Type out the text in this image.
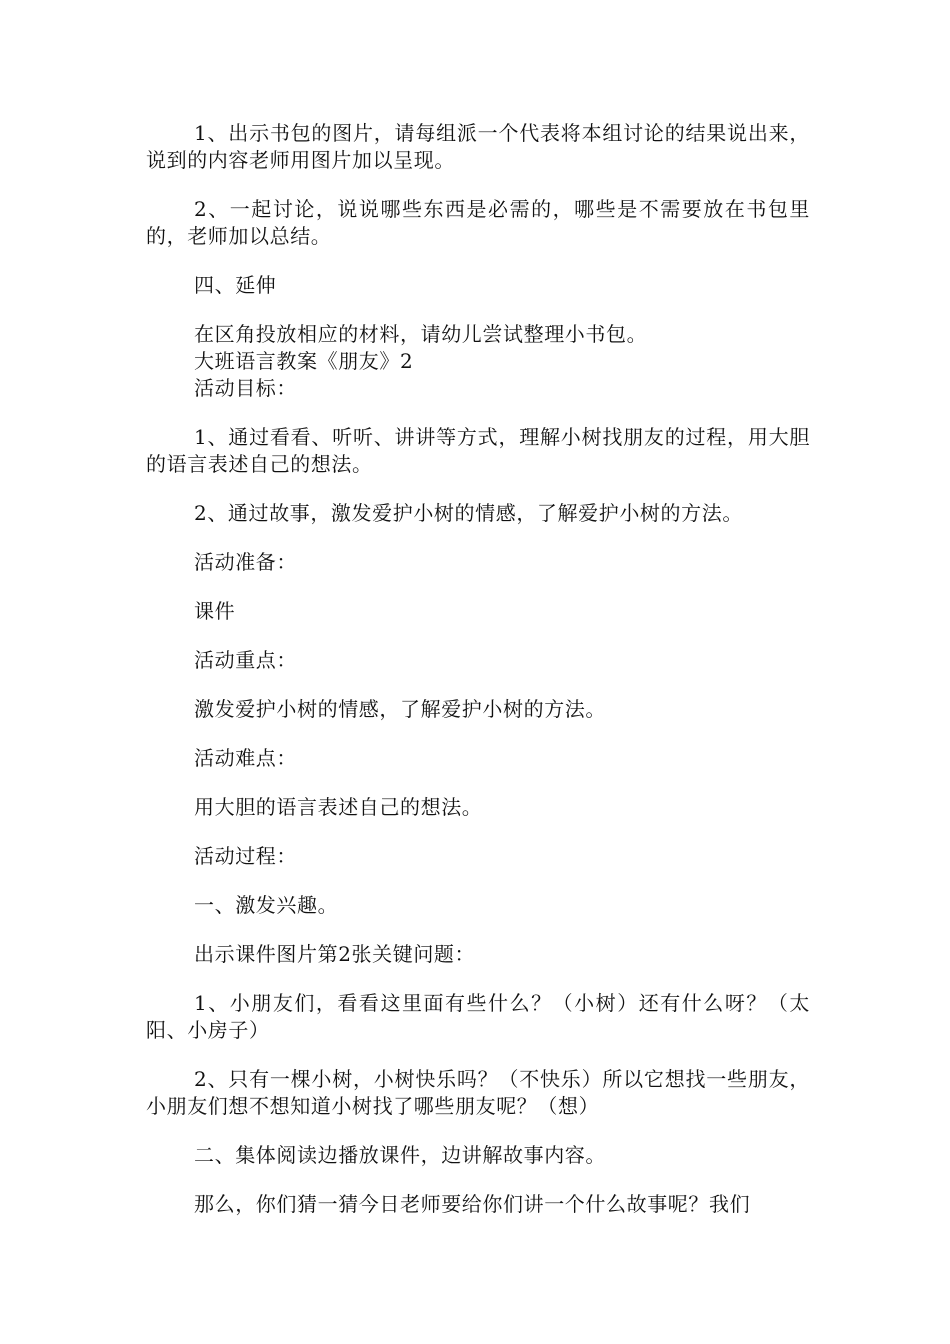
1、出示书包的图片，请每组派一个代表将本组讨论的结果说出来，说到的内容老师用图片加以呈现。

2、一起讨论，说说哪些东西是必需的，哪些是不需要放在书包里的，老师加以总结。

四、延伸

在区角投放相应的材料，请幼儿尝试整理小书包。

大班语言教案《朋友》2

活动目标：

1、通过看看、听听、讲讲等方式，理解小树找朋友的过程，用大胆的语言表述自己的想法。

2、通过故事，激发爱护小树的情感，了解爱护小树的方法。

活动准备：

课件

活动重点：

激发爱护小树的情感，了解爱护小树的方法。

活动难点：

用大胆的语言表述自己的想法。

活动过程：

一、激发兴趣。

出示课件图片第2张关键问题：

1、小朋友们，看看这里面有些什么？（小树）还有什么呀？（太阳、小房子）

2、只有一棵小树，小树快乐吗？（不快乐）所以它想找一些朋友，小朋友们想不想知道小树找了哪些朋友呢？（想）

二、集体阅读边播放课件，边讲解故事内容。

那么，你们猜一猜今日老师要给你们讲一个什么故事呢？我们
